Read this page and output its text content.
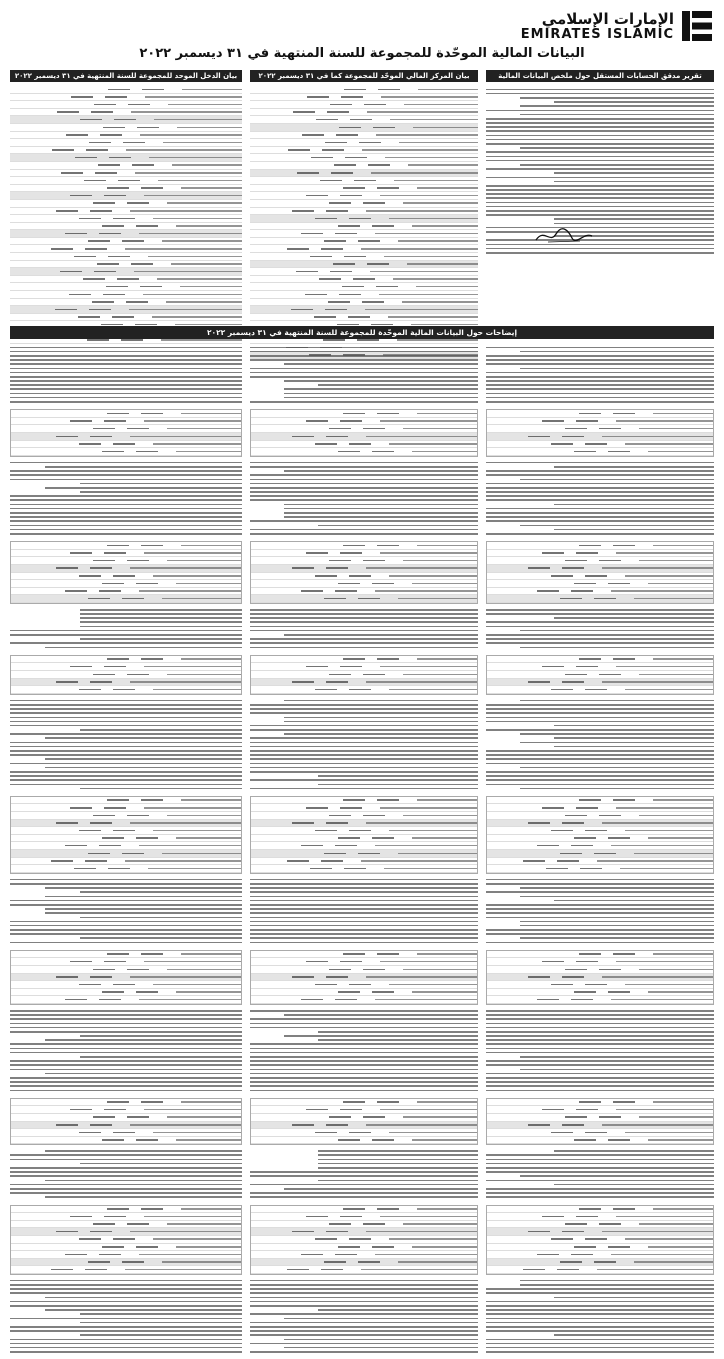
الإمارات الإسلامي
EMIRATES ISLAMIC
البيانات المالية الموحّدة للمجموعة للسنة المنتهية في ٣١ ديسمبر ٢٠٢٢
تقرير مدقق الحسابات المستقل حول ملخص البيانات المالية
بيان المركز المالي الموحّد للمجموعة كما في ٣١ ديسمبر ٢٠٢٢
بيان الدخل الموحد للمجموعة للسنة المنتهية في ٣١ ديسمبر ٢٠٢٢
إيضاحات حول البيانات المالية الموحّدة للمجموعة للسنة المنتهية في ٣١ ديسمبر ٢٠٢٢
